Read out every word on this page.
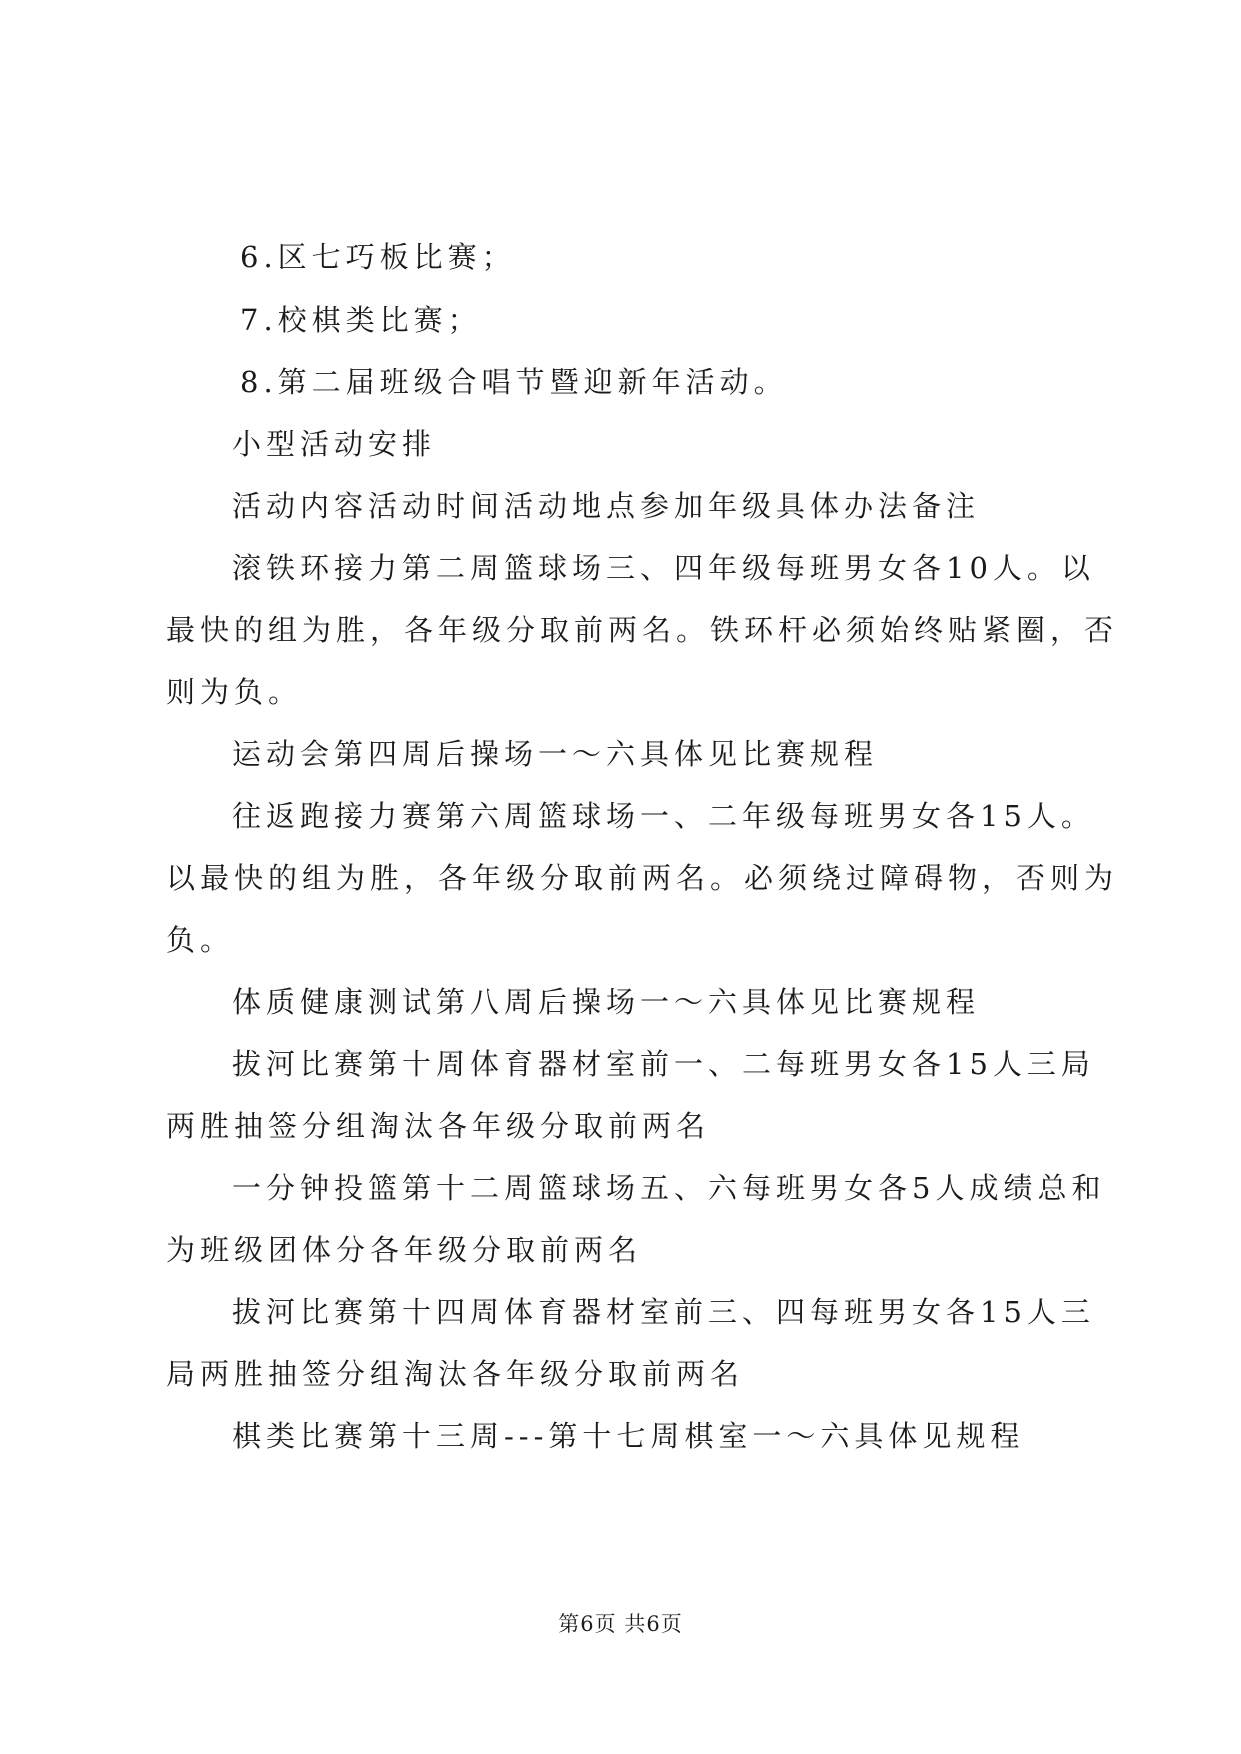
6.区七巧板比赛；
7.校棋类比赛；
8.第二届班级合唱节暨迎新年活动。
小型活动安排
活动内容活动时间活动地点参加年级具体办法备注
滚铁环接力第二周篮球场三、四年级每班男女各10人。以
最快的组为胜，各年级分取前两名。铁环杆必须始终贴紧圈，否
则为负。
运动会第四周后操场一～六具体见比赛规程
往返跑接力赛第六周篮球场一、二年级每班男女各15人。
以最快的组为胜，各年级分取前两名。必须绕过障碍物，否则为
负。
体质健康测试第八周后操场一～六具体见比赛规程
拔河比赛第十周体育器材室前一、二每班男女各15人三局
两胜抽签分组淘汰各年级分取前两名
一分钟投篮第十二周篮球场五、六每班男女各5人成绩总和
为班级团体分各年级分取前两名
拔河比赛第十四周体育器材室前三、四每班男女各15人三
局两胜抽签分组淘汰各年级分取前两名
棋类比赛第十三周---第十七周棋室一～六具体见规程
第6页 共6页
